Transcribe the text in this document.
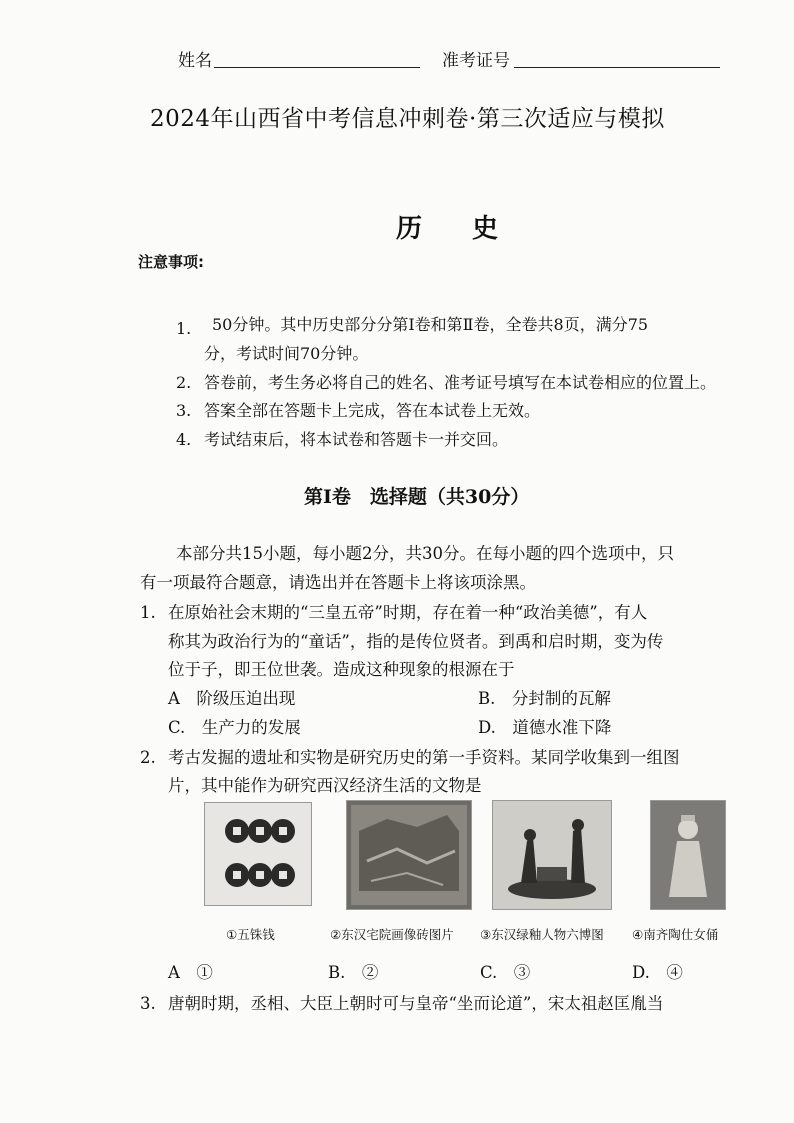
姓名	准考证号
2024年山西省中考信息冲刺卷·第三次适应与模拟
历史
注意事项:
1. 50分钟。其中历史部分分第Ⅰ卷和第Ⅱ卷，全卷共8页，满分75
分，考试时间70分钟。
2. 答卷前，考生务必将自己的姓名、准考证号填写在本试卷相应的位置上。
3. 答案全部在答题卡上完成，答在本试卷上无效。
4. 考试结束后，将本试卷和答题卡一并交回。
第Ⅰ卷　选择题（共30分）
本部分共15小题，每小题2分，共30分。在每小题的四个选项中，只
有一项最符合题意，请选出并在答题卡上将该项涂黑。
1. 在原始社会末期的“三皇五帝”时期，存在着一种“政治美德”，有人
称其为政治行为的“童话”，指的是传位贤者。到禹和启时期，变为传
位于子，即王位世袭。造成这种现象的根源在于
A　阶级压迫出现	B.　分封制的瓦解
C.　生产力的发展	D.　道德水准下降
2. 考古发掘的遗址和实物是研究历史的第一手资料。某同学收集到一组图
片，其中能作为研究西汉经济生活的文物是
①五铢钱	②东汉宅院画像砖图片 ③东汉绿釉人物六博图 ④南齐陶仕女俑
A　①	B.　②	C.　③	D.　④
3. 唐朝时期，丞相、大臣上朝时可与皇帝“坐而论道”，宋太祖赵匡胤当
